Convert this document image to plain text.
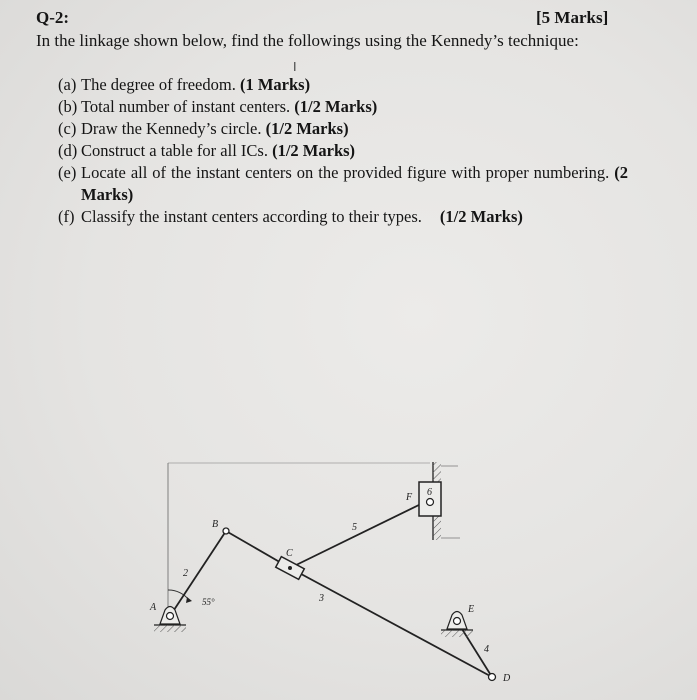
Q-2:	[5 Marks]
In the linkage shown below, find the followings using the Kennedy’s technique:
(a) The degree of freedom. (1 Marks)
(b) Total number of instant centers. (1/2 Marks)
(c) Draw the Kennedy’s circle. (1/2 Marks)
(d) Construct a table for all ICs. (1/2 Marks)
(e) Locate all of the instant centers on the provided figure with proper numbering. (2 Marks)
(f) Classify the instant centers according to their types. (1/2 Marks)
I
A
B
C
D
E
F
2
3
4
5
6
55°
